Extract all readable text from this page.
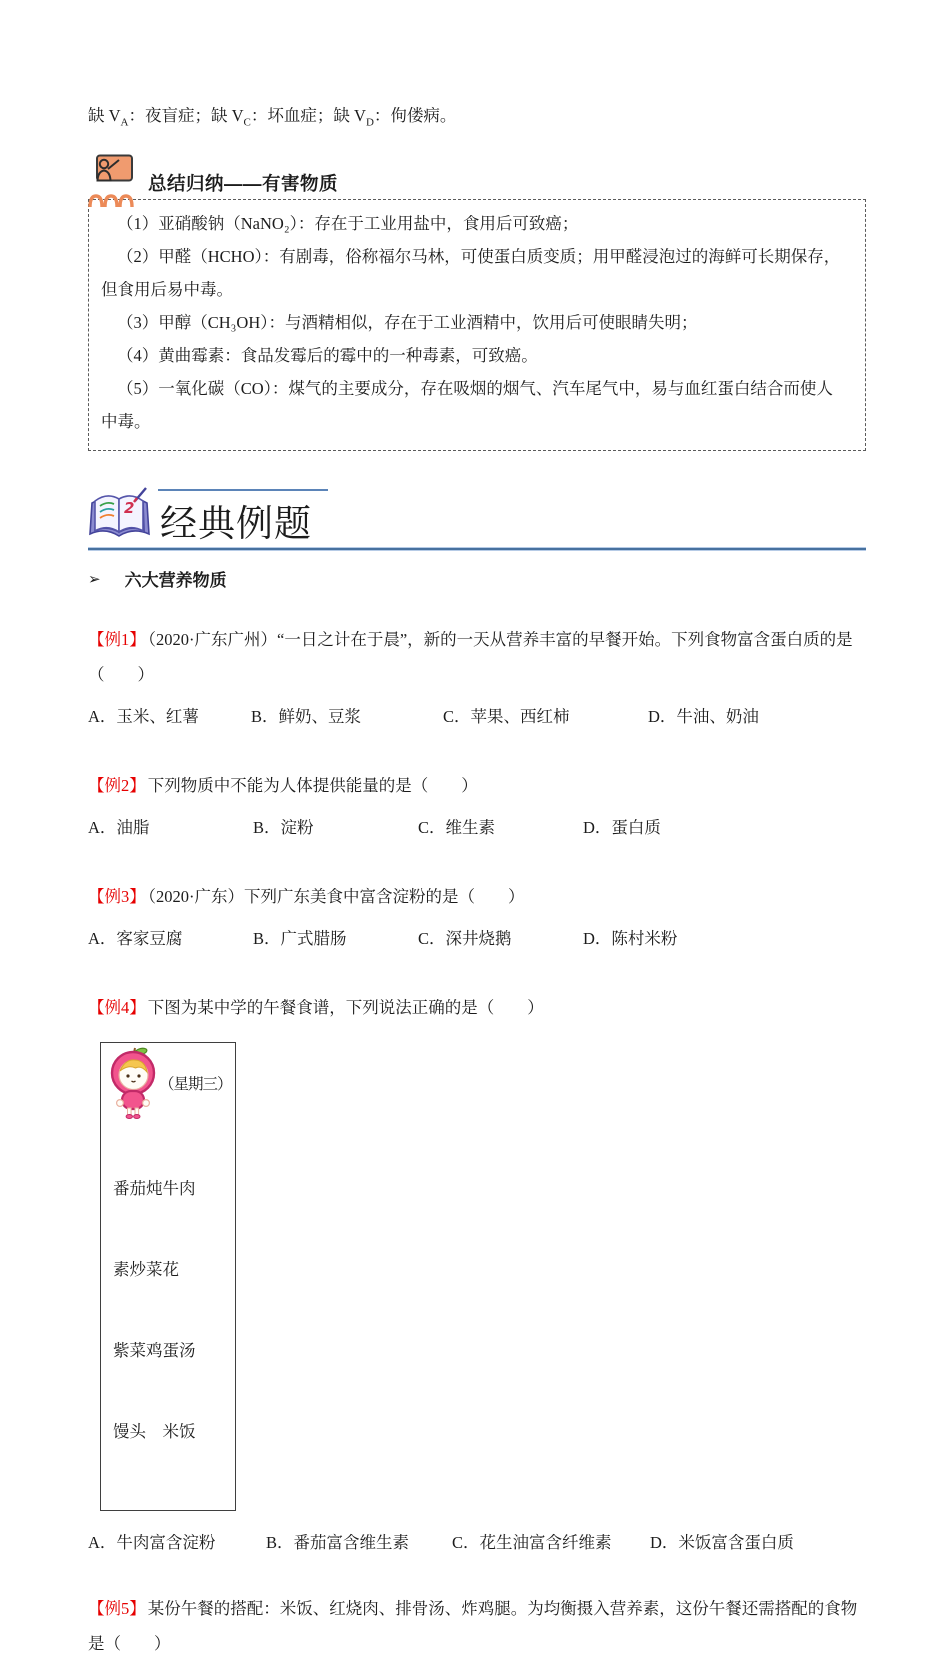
缺 $V_A$：夜盲症；缺 $V_C$：坏血症；缺 $V_D$：佝偻病。

总结归纳——有害物质

（1）亚硝酸钠（NaNO₂）：存在于工业用盐中，食用后可致癌；

（2）甲醛（HCHO）：有剧毒，俗称福尔马林，可使蛋白质变质；用甲醛浸泡过的海鲜可长期保存，但食用后易中毒。

（3）甲醇（CH₃OH）：与酒精相似，存在于工业酒精中，饮用后可使眼睛失明；

（4）黄曲霉素：食品发霉后的霉中的一种毒素，可致癌。

（5）一氧化碳（CO）：煤气的主要成分，存在吸烟的烟气、汽车尾气中，易与血红蛋白结合而使人中毒。

2 经典例题
➢ 六大营养物质

【例1】 （2020·广东广州）“一日之计在于晨”，新的一天从营养丰富的早餐开始。下列食物富含蛋白质的是（　　）

A．玉米、红薯	B．鲜奶、豆浆	C．苹果、西红柿	D．牛油、奶油

【例2】 下列物质中不能为人体提供能量的是（　　）

A．油脂	B．淀粉	C．维生素	D．蛋白质

【例3】 （2020·广东）下列广东美食中富含淀粉的是（　　）

A．客家豆腐	B．广式腊肠	C．深井烧鹅	D．陈村米粉

【例4】 下图为某中学的午餐食谱，下列说法正确的是（　　）

（星期三）

番茄炖牛肉

素炒菜花

紫菜鸡蛋汤

馒头　米饭

A．牛肉富含淀粉	B．番茄富含维生素	C．花生油富含纤维素	D．米饭富含蛋白质

【例5】 某份午餐的搭配：米饭、红烧肉、排骨汤、炸鸡腿。为均衡摄入营养素，这份午餐还需搭配的食物是（　　）
